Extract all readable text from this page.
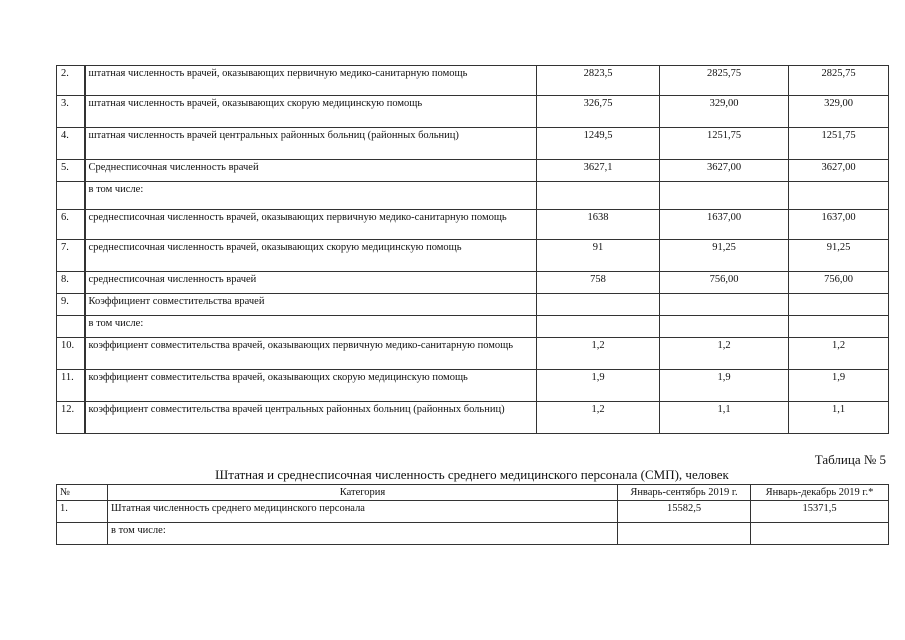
2.	штатная численность врачей, оказывающих первичную медико-санитарную помощь	2823,5	2825,75	2825,75
3.	штатная численность врачей, оказывающих скорую медицинскую помощь	326,75	329,00	329,00
4.	штатная численность врачей центральных районных больниц (районных больниц)	1249,5	1251,75	1251,75
5.	Среднесписочная численность врачей	3627,1	3627,00	3627,00
	в том числе:			
6.	среднесписочная численность врачей, оказывающих первичную медико-санитарную помощь	1638	1637,00	1637,00
7.	среднесписочная численность врачей, оказывающих скорую медицинскую помощь	91	91,25	91,25
8.	среднесписочная численность врачей	758	756,00	756,00
9.	Коэффициент совместительства врачей			
	в том числе:			
10.	коэффициент совместительства врачей, оказывающих первичную медико-санитарную помощь	1,2	1,2	1,2
11.	коэффициент совместительства врачей, оказывающих скорую медицинскую помощь	1,9	1,9	1,9
12.	коэффициент совместительства врачей центральных районных больниц (районных больниц)	1,2	1,1	1,1
Таблица № 5
Штатная и среднесписочная численность среднего медицинского персонала (СМП), человек
№	Категория	Январь-сентябрь 2019 г.	Январь-декабрь 2019 г.*
1.	Штатная численность среднего медицинского персонала	15582,5	15371,5
	в том числе:		
